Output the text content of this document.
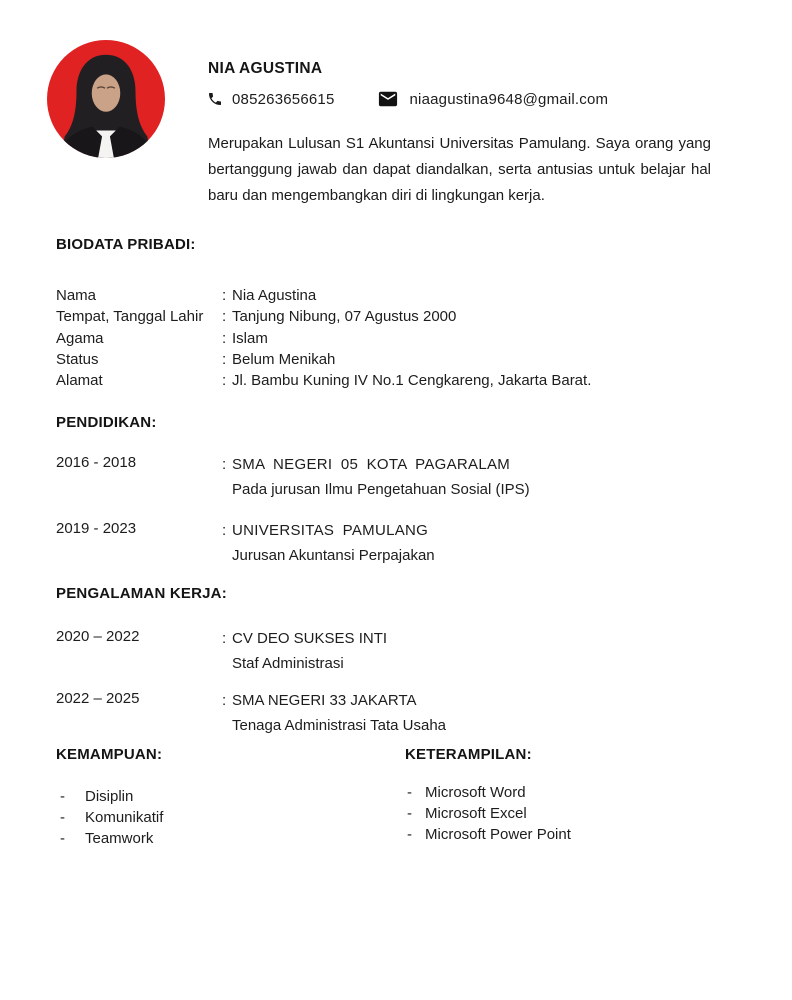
NIA AGUSTINA
085263656615	niaagustina9648@gmail.com

Merupakan Lulusan S1 Akuntansi Universitas Pamulang. Saya orang yang bertanggung jawab dan dapat diandalkan, serta antusias untuk belajar hal baru dan mengembangkan diri di lingkungan kerja.

BIODATA PRIBADI:
Nama	: Nia Agustina
Tempat, Tanggal Lahir	: Tanjung Nibung, 07 Agustus 2000
Agama	: Islam
Status	: Belum Menikah
Alamat	: Jl. Bambu Kuning IV No.1 Cengkareng, Jakarta Barat.
PENDIDIKAN:
2016 - 2018	: SMA NEGERI 05 KOTA PAGARALAM
Pada jurusan Ilmu Pengetahuan Sosial (IPS)
2019 - 2023	: UNIVERSITAS PAMULANG
Jurusan Akuntansi Perpajakan
PENGALAMAN KERJA:
2020 – 2022	: CV DEO SUKSES INTI
Staf Administrasi
2022 – 2025	: SMA NEGERI 33 JAKARTA
Tenaga Administrasi Tata Usaha
KEMAMPUAN:
-	Disiplin
-	Komunikatif
-	Teamwork
KETERAMPILAN:
- Microsoft Word
- Microsoft Excel
- Microsoft Power Point
